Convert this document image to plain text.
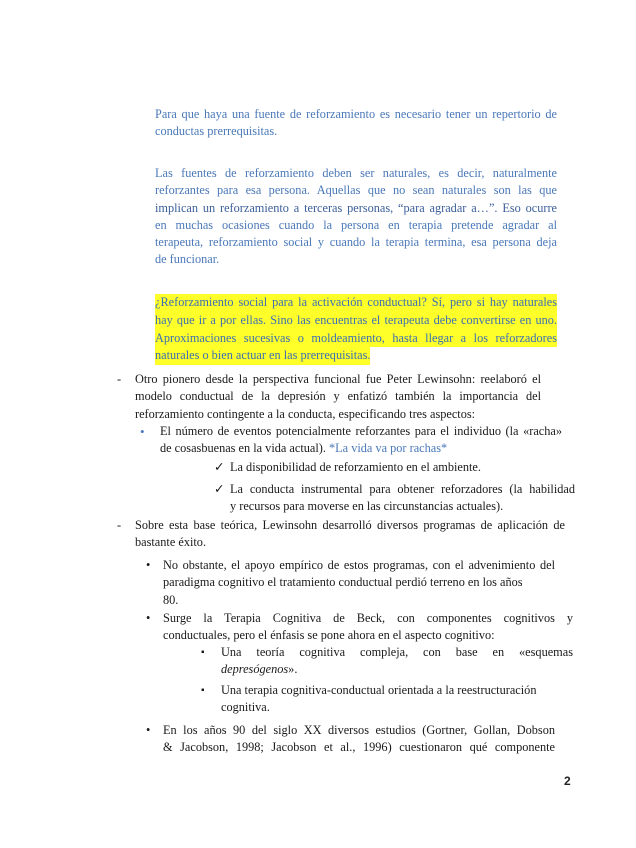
Para que haya una fuente de reforzamiento es necesario tener un repertorio de
conductas prerrequisitas.
Las fuentes de reforzamiento deben ser naturales, es decir, naturalmente
reforzantes para esa persona. Aquellas que no sean naturales son las que
implican un reforzamiento a terceras personas, “para agradar a…”. Eso ocurre
en muchas ocasiones cuando la persona en terapia pretende agradar al
terapeuta, reforzamiento social y cuando la terapia termina, esa persona deja
de funcionar.
¿Reforzamiento social para la activación conductual? Sí, pero si hay naturales
hay que ir a por ellas. Sino las encuentras el terapeuta debe convertirse en uno.
Aproximaciones sucesivas o moldeamiento, hasta llegar a los reforzadores
naturales o bien actuar en las prerrequisitas.
- Otro pionero desde la perspectiva funcional fue Peter Lewinsohn: reelaboró el
modelo conductual de la depresión y enfatizó también la importancia del
reforzamiento contingente a la conducta, especificando tres aspectos:
• El número de eventos potencialmente reforzantes para el individuo (la «racha»
de cosasbuenas en la vida actual). *La vida va por rachas*
✓ La disponibilidad de reforzamiento en el ambiente.
✓ La conducta instrumental para obtener reforzadores (la habilidad
y recursos para moverse en las circunstancias actuales).
- Sobre esta base teórica, Lewinsohn desarrolló diversos programas de aplicación de
bastante éxito.
• No obstante, el apoyo empírico de estos programas, con el advenimiento del
paradigma cognitivo el tratamiento conductual perdió terreno en los años
80.
• Surge la Terapia Cognitiva de Beck, con componentes cognitivos y
conductuales, pero el énfasis se pone ahora en el aspecto cognitivo:
▪ Una teoría cognitiva compleja, con base en «esquemas
depresógenos».
▪ Una terapia cognitiva-conductual orientada a la reestructuración
cognitiva.
• En los años 90 del siglo XX diversos estudios (Gortner, Gollan, Dobson
& Jacobson, 1998; Jacobson et al., 1996) cuestionaron qué componente
2
